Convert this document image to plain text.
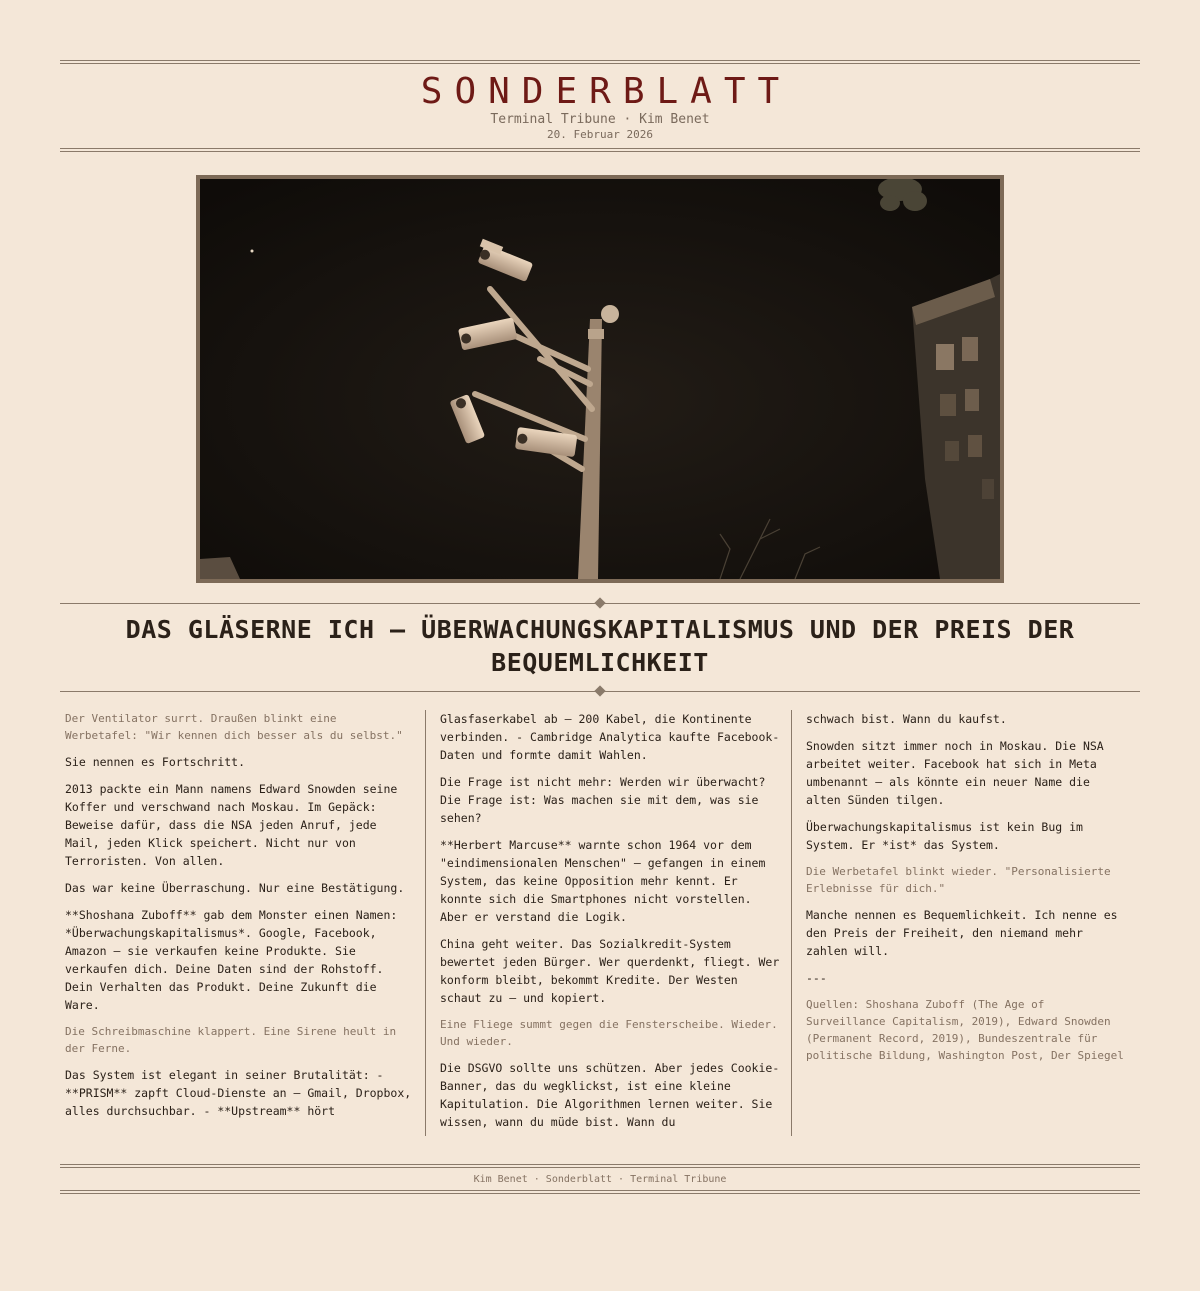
SONDERBLATT
Terminal Tribune · Kim Benet
20. Februar 2026
DAS GLÄSERNE ICH — ÜBERWACHUNGSKAPITALISMUS UND DER PREIS DER BEQUEMLICHKEIT

Der Ventilator surrt. Draußen blinkt eine Werbetafel: "Wir kennen dich besser als du selbst."

Sie nennen es Fortschritt.

2013 packte ein Mann namens Edward Snowden seine Koffer und verschwand nach Moskau. Im Gepäck: Beweise dafür, dass die NSA jeden Anruf, jede Mail, jeden Klick speichert. Nicht nur von Terroristen. Von allen.

Das war keine Überraschung. Nur eine Bestätigung.

**Shoshana Zuboff** gab dem Monster einen Namen: *Überwachungskapitalismus*. Google, Facebook, Amazon — sie verkaufen keine Produkte. Sie verkaufen dich. Deine Daten sind der Rohstoff. Dein Verhalten das Produkt. Deine Zukunft die Ware.

Die Schreibmaschine klappert. Eine Sirene heult in der Ferne.

Das System ist elegant in seiner Brutalität: - **PRISM** zapft Cloud-Dienste an — Gmail, Dropbox, alles durchsuchbar. - **Upstream** hört

Glasfaserkabel ab — 200 Kabel, die Kontinente verbinden. - Cambridge Analytica kaufte Facebook-Daten und formte damit Wahlen.

Die Frage ist nicht mehr: Werden wir überwacht? Die Frage ist: Was machen sie mit dem, was sie sehen?

**Herbert Marcuse** warnte schon 1964 vor dem "eindimensionalen Menschen" — gefangen in einem System, das keine Opposition mehr kennt. Er konnte sich die Smartphones nicht vorstellen. Aber er verstand die Logik.

China geht weiter. Das Sozialkredit-System bewertet jeden Bürger. Wer querdenkt, fliegt. Wer konform bleibt, bekommt Kredite. Der Westen schaut zu — und kopiert.

Eine Fliege summt gegen die Fensterscheibe. Wieder. Und wieder.

Die DSGVO sollte uns schützen. Aber jedes Cookie-Banner, das du wegklickst, ist eine kleine Kapitulation. Die Algorithmen lernen weiter. Sie wissen, wann du müde bist. Wann du

schwach bist. Wann du kaufst.

Snowden sitzt immer noch in Moskau. Die NSA arbeitet weiter. Facebook hat sich in Meta umbenannt — als könnte ein neuer Name die alten Sünden tilgen.

Überwachungskapitalismus ist kein Bug im System. Er *ist* das System.

Die Werbetafel blinkt wieder. "Personalisierte Erlebnisse für dich."

Manche nennen es Bequemlichkeit. Ich nenne es den Preis der Freiheit, den niemand mehr zahlen will.

---

Quellen: Shoshana Zuboff (The Age of Surveillance Capitalism, 2019), Edward Snowden (Permanent Record, 2019), Bundeszentrale für politische Bildung, Washington Post, Der Spiegel

Kim Benet · Sonderblatt · Terminal Tribune
